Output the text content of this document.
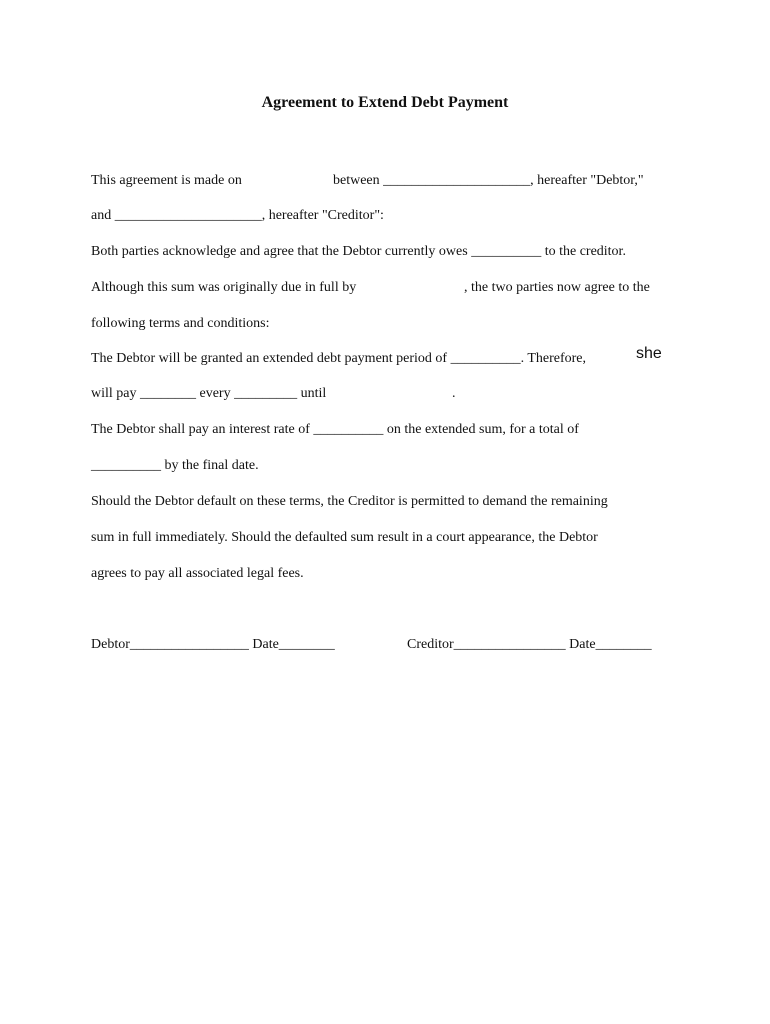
Agreement to Extend Debt Payment
This agreement is made on	between _____________________, hereafter "Debtor,"
and _____________________, hereafter "Creditor":
Both parties acknowledge and agree that the Debtor currently owes __________ to the creditor.
Although this sum was originally due in full by	, the two parties now agree to the
following terms and conditions:
The Debtor will be granted an extended debt payment period of __________. Therefore,	she
will pay ________ every _________ until	.
The Debtor shall pay an interest rate of __________ on the extended sum, for a total of
__________ by the final date.
Should the Debtor default on these terms, the Creditor is permitted to demand the remaining
sum in full immediately. Should the defaulted sum result in a court appearance, the Debtor
agrees to pay all associated legal fees.
Debtor_________________ Date________	Creditor________________ Date________
